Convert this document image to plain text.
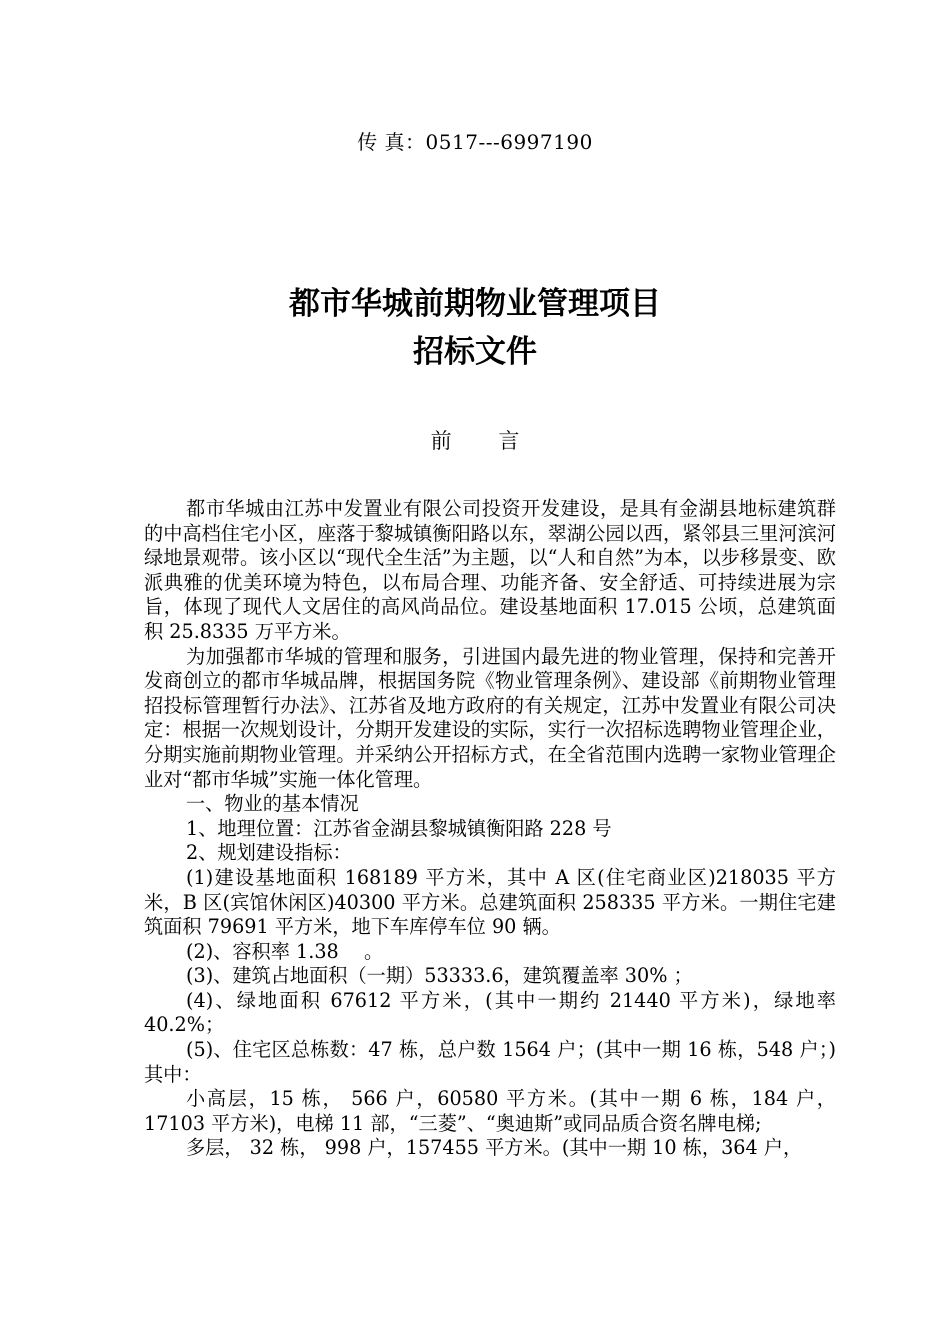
传 真：0517---6997190
都市华城前期物业管理项目
招标文件
前 言

都市华城由江苏中发置业有限公司投资开发建设，是具有金湖县地标建筑群的中高档住宅小区，座落于黎城镇衡阳路以东，翠湖公园以西，紧邻县三里河滨河绿地景观带。该小区以“现代全生活”为主题，以“人和自然”为本，以步移景变、欧派典雅的优美环境为特色，以布局合理、功能齐备、安全舒适、可持续进展为宗旨，体现了现代人文居住的高风尚品位。建设基地面积 17.015 公顷，总建筑面积 25.8335 万平方米。

为加强都市华城的管理和服务，引进国内最先进的物业管理，保持和完善开发商创立的都市华城品牌，根据国务院《物业管理条例》、建设部《前期物业管理招投标管理暂行办法》、江苏省及地方政府的有关规定，江苏中发置业有限公司决定：根据一次规划设计，分期开发建设的实际，实行一次招标选聘物业管理企业，分期实施前期物业管理。并采纳公开招标方式，在全省范围内选聘一家物业管理企业对“都市华城”实施一体化管理。

一、物业的基本情况

1、地理位置：江苏省金湖县黎城镇衡阳路 228 号

2、规划建设指标：

(1)建设基地面积 168189 平方米，其中 A 区(住宅商业区)218035 平方米，B 区(宾馆休闲区)40300 平方米。总建筑面积 258335 平方米。一期住宅建筑面积 79691 平方米，地下车库停车位 90 辆。

(2)、容积率 1.38 　。

(3)、建筑占地面积（一期）53333.6，建筑覆盖率 30% ；

(4)、绿地面积 67612 平方米，(其中一期约 21440 平方米)，绿地率 40.2%；

(5)、住宅区总栋数：47 栋，总户数 1564 户；(其中一期 16 栋，548 户；)其中：

小高层，15 栋， 566 户，60580 平方米。(其中一期 6 栋，184 户，17103 平方米)，电梯 11 部，“三菱”、“奥迪斯”或同品质合资名牌电梯;

多层， 32 栋， 998 户，157455 平方米。(其中一期 10 栋，364 户，
